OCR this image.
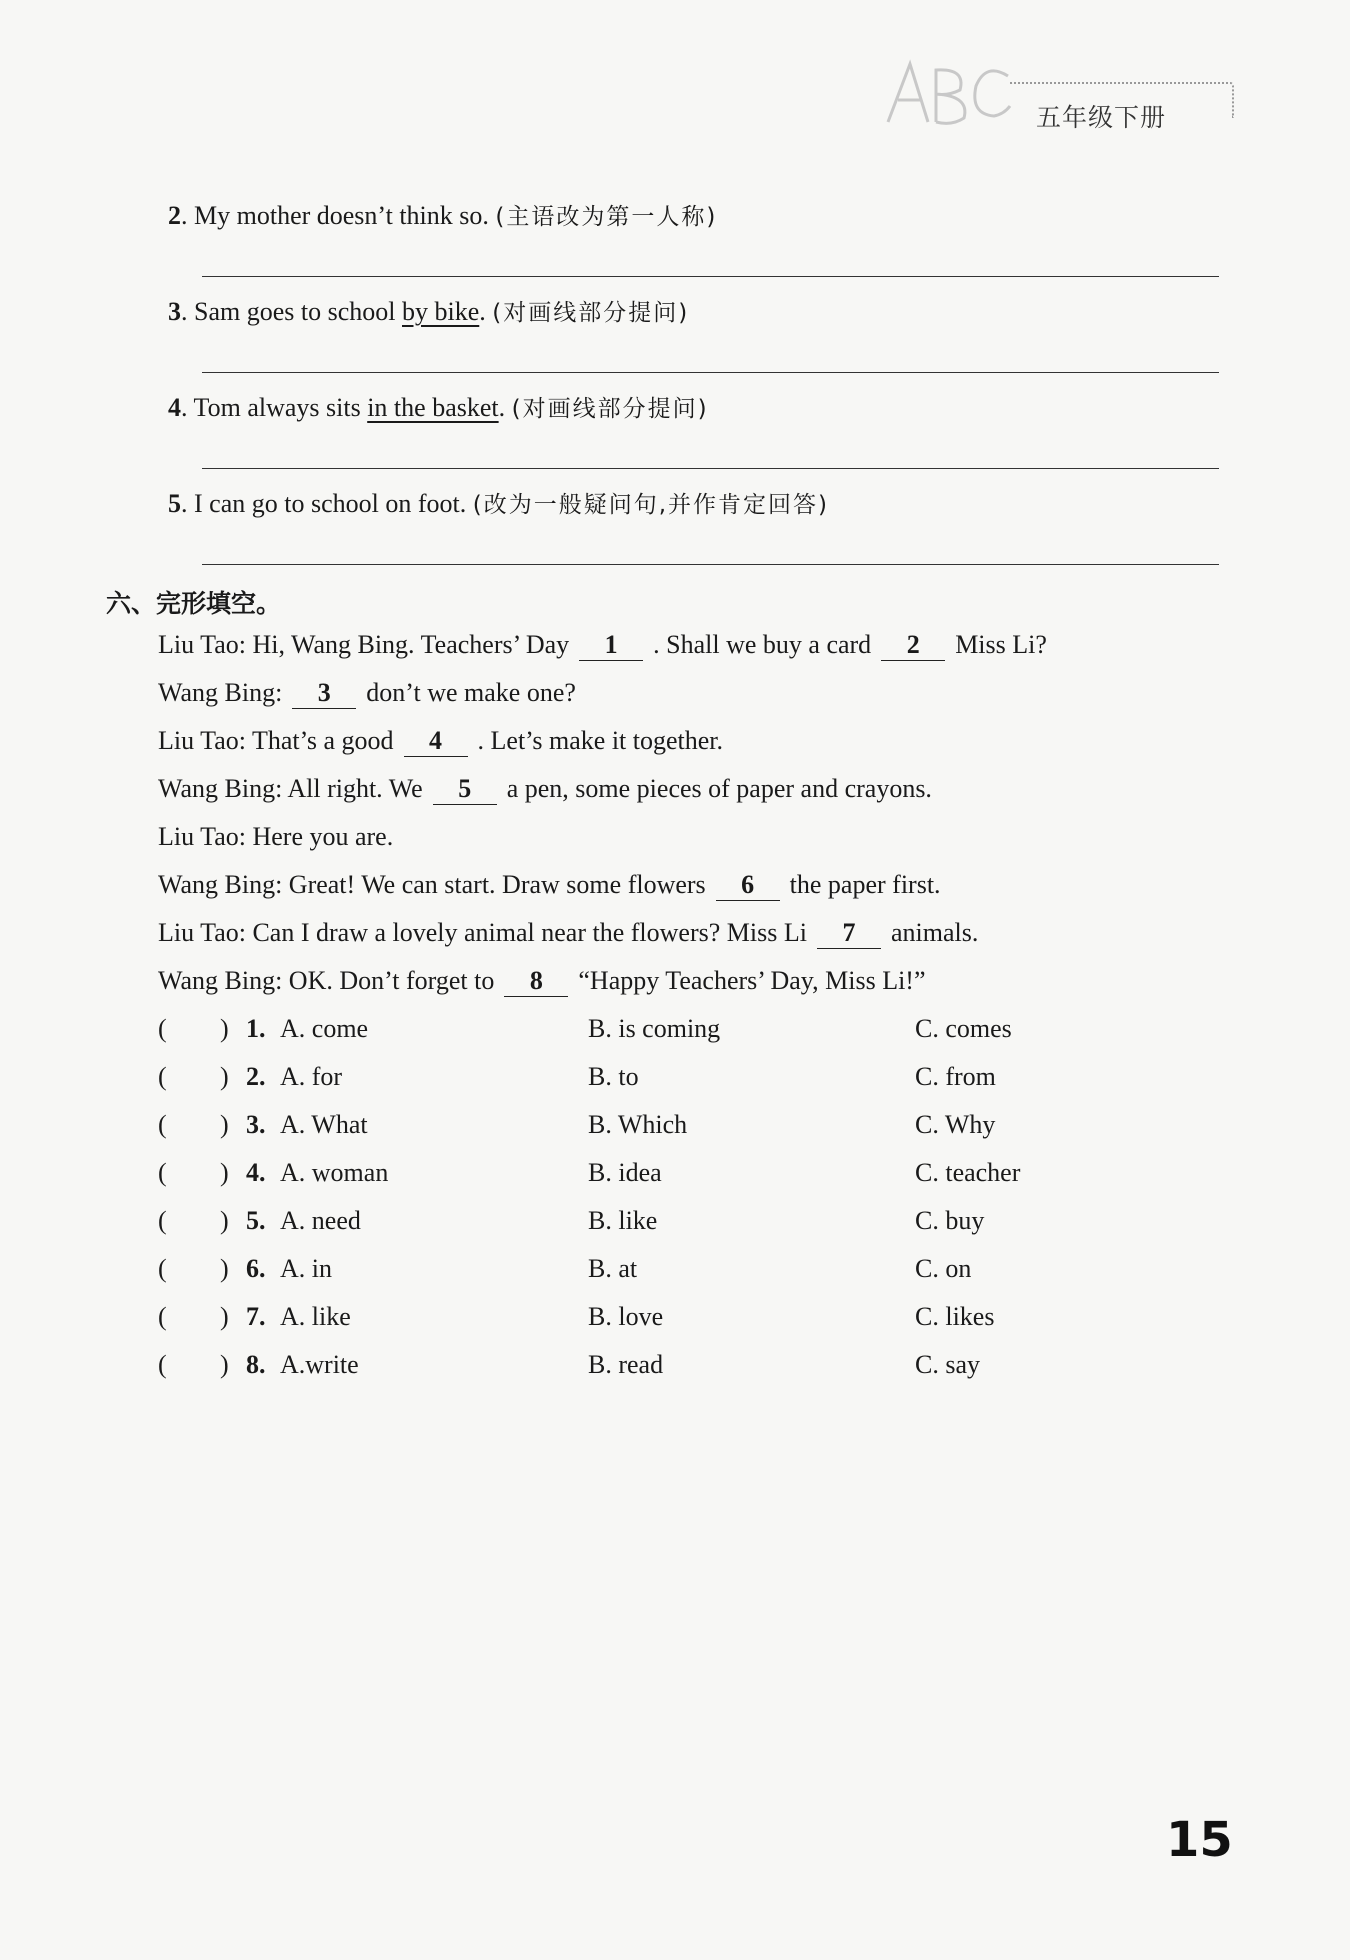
五年级下册
2. My mother doesn’t think so. (主语改为第一人称)
3. Sam goes to school by bike. (对画线部分提问)
4. Tom always sits in the basket. (对画线部分提问)
5. I can go to school on foot. (改为一般疑问句,并作肯定回答)
六、完形填空。
Liu Tao: Hi, Wang Bing. Teachers’ Day 1 . Shall we buy a card 2 Miss Li?
Wang Bing: 3 don’t we make one?
Liu Tao: That’s a good 4 . Let’s make it together.
Wang Bing: All right. We 5 a pen, some pieces of paper and crayons.
Liu Tao: Here you are.
Wang Bing: Great! We can start. Draw some flowers 6 the paper first.
Liu Tao: Can I draw a lovely animal near the flowers? Miss Li 7 animals.
Wang Bing: OK. Don’t forget to 8 “Happy Teachers’ Day, Miss Li!”
( ) 1. A. come	B. is coming	C. comes
( ) 2. A. for	B. to	C. from
( ) 3. A. What	B. Which	C. Why
( ) 4. A. woman	B. idea	C. teacher
( ) 5. A. need	B. like	C. buy
( ) 6. A. in	B. at	C. on
( ) 7. A. like	B. love	C. likes
( ) 8. A.write	B. read	C. say
15
